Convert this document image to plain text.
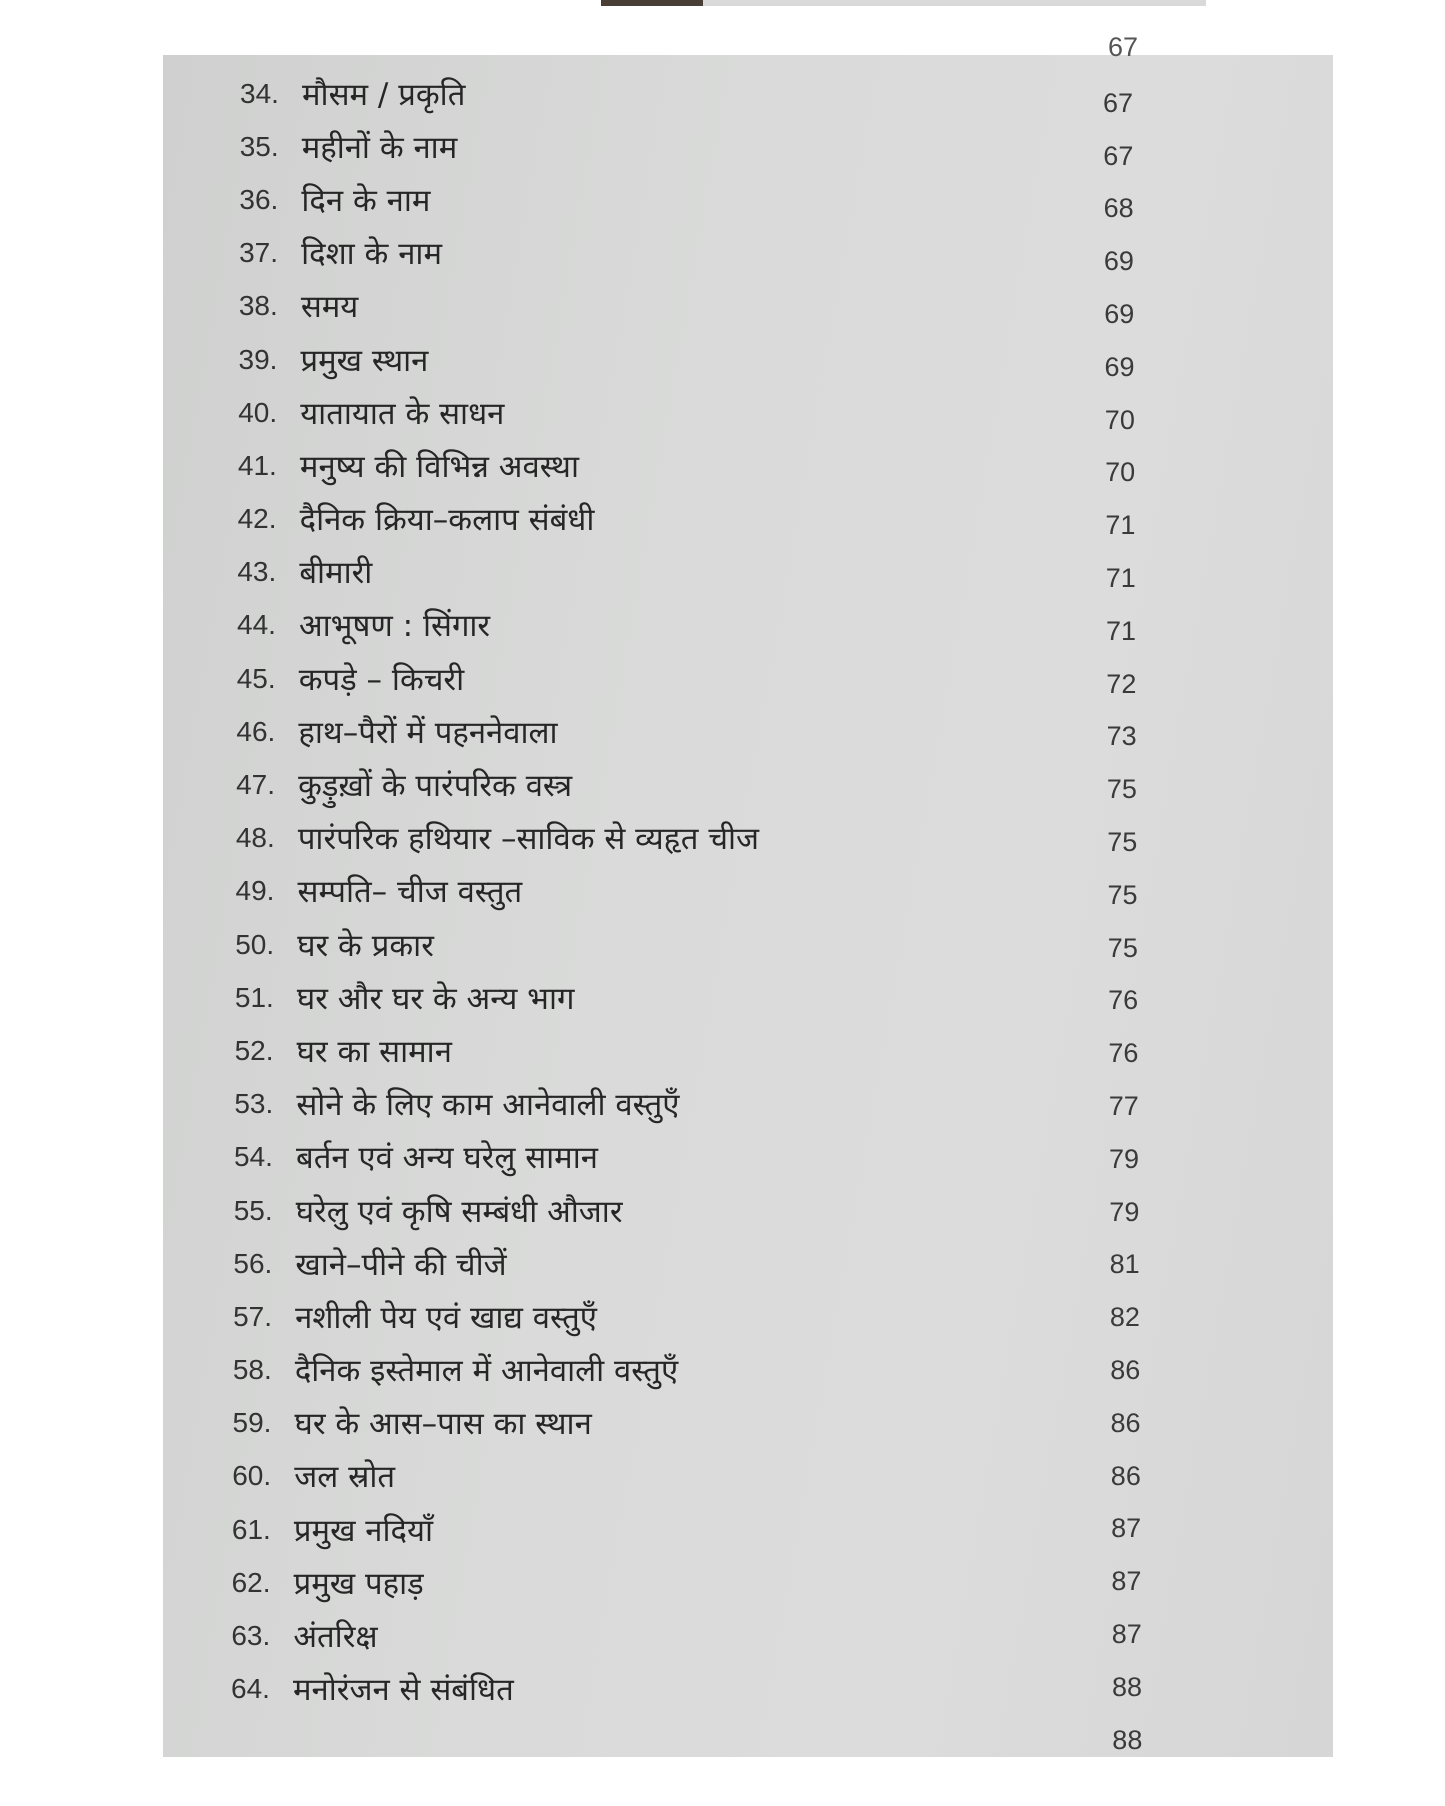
67
34. मौसम / प्रकृति
35. महीनों के नाम
36. दिन के नाम
37. दिशा के नाम
38. समय
39. प्रमुख स्थान
40. यातायात के साधन
41. मनुष्य की विभिन्न अवस्था
42. दैनिक क्रिया–कलाप संबंधी
43. बीमारी
44. आभूषण : सिंगार
45. कपड़े – किचरी
46. हाथ–पैरों में पहननेवाला
47. कुड़ुख़ों के पारंपरिक वस्त्र
48. पारंपरिक हथियार –साविक से व्यहृत चीज
49. सम्पति– चीज वस्तुत
50. घर के प्रकार
51. घर और घर के अन्य भाग
52. घर का सामान
53. सोने के लिए काम आनेवाली वस्तुएँ
54. बर्तन एवं अन्य घरेलु सामान
55. घरेलु एवं कृषि सम्बंधी औजार
56. खाने–पीने की चीजें
57. नशीली पेय एवं खाद्य वस्तुएँ
58. दैनिक इस्तेमाल में आनेवाली वस्तुएँ
59. घर के आस–पास का स्थान
60. जल स्रोत
61. प्रमुख नदियाँ
62. प्रमुख पहाड़
63. अंतरिक्ष
64. मनोरंजन से संबंधित
67
67
68
69
69
69
70
70
71
71
71
72
73
75
75
75
75
76
76
77
79
79
81
82
86
86
86
87
87
87
88
88
